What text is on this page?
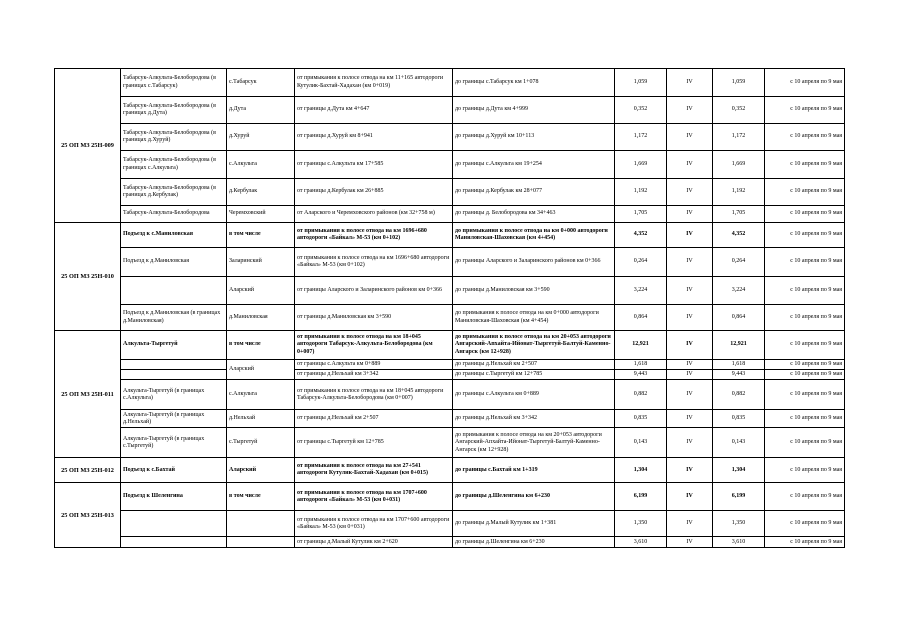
25 ОП МЗ 25Н-009	Табарсук-Алкульта-Белобородова (в границах с.Табарсук)	с.Табарсук	от примыкания к полосе отвода на км 11+165 автодороги Кутулик-Бахтай-Хадахан (км 0+019)	до границы с.Табарсук км 1+078	1,059	IV	1,059	с 10 апреля по 9 мая
	Табарсук-Алкульта-Белобородова (в границах д.Дута)	д.Дута	от границы д.Дута км 4+647	до границы д.Дута км 4+999	0,352	IV	0,352	с 10 апреля по 9 мая
	Табарсук-Алкульта-Белобородова (в границах д.Хуруй)	д.Хуруй	от границы д.Хуруй км 8+941	до границы д.Хуруй км 10+113	1,172	IV	1,172	с 10 апреля по 9 мая
	Табарсук-Алкульта-Белобородова (в границах с.Алкульта)	с.Алкульта	от границы с.Алкульта км 17+585	до границы с.Алкульта км 19+254	1,669	IV	1,669	с 10 апреля по 9 мая
	Табарсук-Алкульта-Белобородова (в границах д.Кербулак)	д.Кербулак	от границы д.Кербулак км 26+885	до границы д.Кербулак км 28+077	1,192	IV	1,192	с 10 апреля по 9 мая
	Табарсук-Алкульта-Белобородова	Черемховский	от Аларского и Черемховского районов (км 32+758 м)	до границы д. Белобородова км 34+463	1,705	IV	1,705	с 10 апреля по 9 мая
25 ОП МЗ 25Н-010	Подъезд к с.Маниловская	в том числе	от примыкания к полосе отвода на км 1696+680 автодороги «Байкал» М-53 (км 0+102)	до примыкания к полосе отвода на км 0+000 автодороги Маниловская-Шаховская (км 4+454)	4,352	IV	4,352	с 10 апреля по 9 мая
	Подъезд к д.Маниловская	Заларинский	от примыкания к полосе отвода на км 1696+680 автодороги «Байкал» М-53 (км 0+102)	до границы Аларского и Заларинского районов км 0+366	0,264	IV	0,264	с 10 апреля по 9 мая
		Аларский	от границы Аларского и Заларинского районов км 0+366	до границы д.Маниловская км 3+590	3,224	IV	3,224	с 10 апреля по 9 мая
	Подъезд к д.Маниловская (в границах д.Маниловская)	д.Маниловская	от границы д.Маниловская км 3+590	до примыкания к полосе отвода на км 0+000 автодороги Маниловская-Шаховская (км 4+454)	0,864	IV	0,864	с 10 апреля по 9 мая
25 ОП МЗ 25Н-011	Алкульта-Тыргетуй	в том числе	от примыкания к полосе отвода на км 18+045 автодороги Табарсук-Алкульта-Белобородова (км 0+007)	до примыкания к полосе отвода на км 20+053 автодороги Ангарский-Апхайта-Ийонат-Тыргетуй-Балтуй-Каменно-Ангарск (км 12+928)	12,921	IV	12,921	с 10 апреля по 9 мая
		Аларский	от границы с.Алкульта км 0+889	до границы д.Нельхай км 2+507	1,618	IV	1,618	с 10 апреля по 9 мая
			от границы д.Нельхай км 3+342	до границы с.Тыргетуй км 12+785	9,443	IV	9,443	с 10 апреля по 9 мая
	Алкульта-Тыргетуй (в границах с.Алкульта)	с.Алкульта	от примыкания к полосе отвода на км 18+045 автодороги Табарсук-Алкульта-Белобородова (км 0+007)	до границы с.Алкульта км 0+889	0,882	IV	0,882	с 10 апреля по 9 мая
	Алкульта-Тыргетуй (в границах д.Нельхай)	д.Нельхай	от границы д.Нельхай км 2+507	до границы д.Нельхай км 3+342	0,835	IV	0,835	с 10 апреля по 9 мая
	Алкульта-Тыргетуй (в границах с.Тыргетуй)	с.Тыргетуй	от границы с.Тыргетуй км 12+785	до примыкания к полосе отвода на км 20+053 автодороги Ангарский-Апхайта-Ийонат-Тыргетуй-Балтуй-Каменно-Ангарск (км 12+928)	0,143	IV	0,143	с 10 апреля по 9 мая
25 ОП МЗ 25Н-012	Подъезд к с.Бахтай	Аларский	от примыкания к полосе отвода на км 27+541 автодороги Кутулик-Бахтай-Хадахан (км 0+015)	до границы с.Бахтай км 1+319	1,304	IV	1,304	с 10 апреля по 9 мая
25 ОП МЗ 25Н-013	Подъезд к Шеленгина	в том числе	от примыкания к полосе отвода на км 1707+600 автодороги «Байкал» М-53 (км 0+031)	до границы д.Шеленгина км 6+230	6,199	IV	6,199	с 10 апреля по 9 мая
			от примыкания к полосе отвода на км 1707+600 автодороги «Байкал» М-53 (км 0+031)	до границы д.Малый Кутулик км 1+381	1,350	IV	1,350	с 10 апреля по 9 мая
			от границы д.Малый Кутулик км 2+620	до границы д.Шеленгина км 6+230	3,610	IV	3,610	с 10 апреля по 9 мая
